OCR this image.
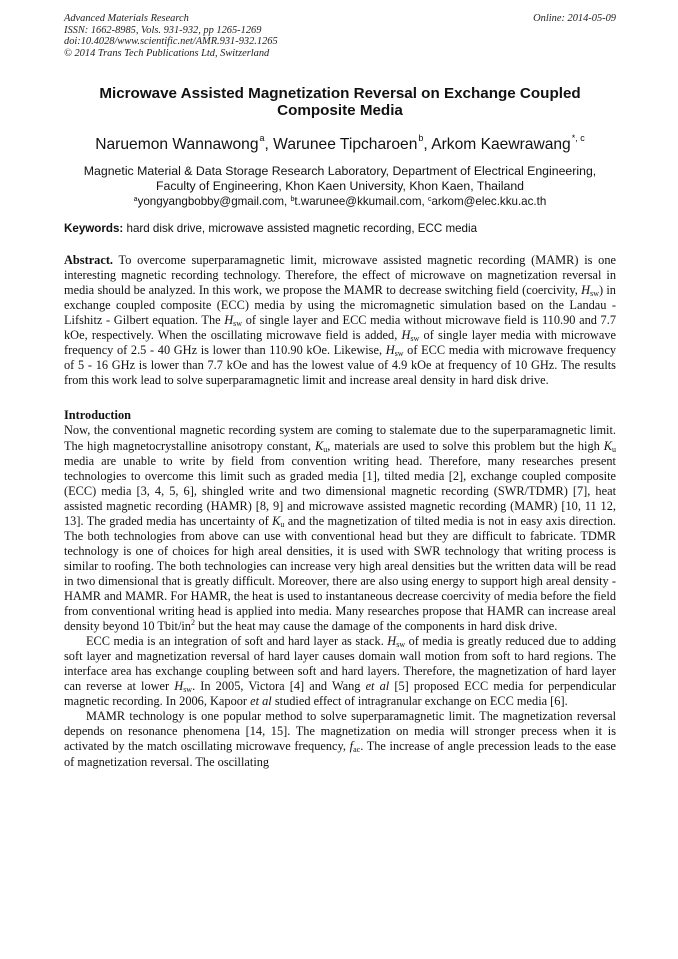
Advanced Materials Research
ISSN: 1662-8985, Vols. 931-932, pp 1265-1269
doi:10.4028/www.scientific.net/AMR.931-932.1265
© 2014 Trans Tech Publications Ltd, Switzerland
Online: 2014-05-09
Microwave Assisted Magnetization Reversal on Exchange Coupled
Composite Media
Naruemon Wannawong$^a$, Warunee Tipcharoen$^b$, Arkom Kaewrawang$^{*, c}$
Magnetic Material & Data Storage Research Laboratory, Department of Electrical Engineering,
Faculty of Engineering, Khon Kaen University, Khon Kaen, Thailand
$^a$yongyangbobby@gmail.com, $^b$t.warunee@kkumail.com, $^c$arkom@elec.kku.ac.th
Keywords: hard disk drive, microwave assisted magnetic recording, ECC media

Abstract. To overcome superparamagnetic limit, microwave assisted magnetic recording (MAMR) is one interesting magnetic recording technology. Therefore, the effect of microwave on magnetization reversal in media should be analyzed. In this work, we propose the MAMR to decrease switching field (coercivity, $H_{sw}$) in exchange coupled composite (ECC) media by using the micromagnetic simulation based on the Landau - Lifshitz - Gilbert equation. The $H_{sw}$ of single layer and ECC media without microwave field is 110.90 and 7.7 kOe, respectively. When the oscillating microwave field is added, $H_{sw}$ of single layer media with microwave frequency of 2.5 - 40 GHz is lower than 110.90 kOe. Likewise, $H_{sw}$ of ECC media with microwave frequency of 5 - 16 GHz is lower than 7.7 kOe and has the lowest value of 4.9 kOe at frequency of 10 GHz. The results from this work lead to solve superparamagnetic limit and increase areal density in hard disk drive.

Introduction

Now, the conventional magnetic recording system are coming to stalemate due to the superparamagnetic limit. The high magnetocrystalline anisotropy constant, $K_u$, materials are used to solve this problem but the high $K_u$ media are unable to write by field from convention writing head. Therefore, many researches present technologies to overcome this limit such as graded media [1], tilted media [2], exchange coupled composite (ECC) media [3, 4, 5, 6], shingled write and two dimensional magnetic recording (SWR/TDMR) [7], heat assisted magnetic recording (HAMR) [8, 9] and microwave assisted magnetic recording (MAMR) [10, 11 12, 13]. The graded media has uncertainty of $K_u$ and the magnetization of tilted media is not in easy axis direction. The both technologies from above can use with conventional head but they are difficult to fabricate. TDMR technology is one of choices for high areal densities, it is used with SWR technology that writing process is similar to roofing. The both technologies can increase very high areal densities but the written data will be read in two dimensional that is greatly difficult. Moreover, there are also using energy to support high areal density - HAMR and MAMR. For HAMR, the heat is used to instantaneous decrease coercivity of media before the field from conventional writing head is applied into media. Many researches propose that HAMR can increase areal density beyond 10 Tbit/$in^2$ but the heat may cause the damage of the components in hard disk drive.

ECC media is an integration of soft and hard layer as stack. $H_{sw}$ of media is greatly reduced due to adding soft layer and magnetization reversal of hard layer causes domain wall motion from soft to hard regions. The interface area has exchange coupling between soft and hard layers. Therefore, the magnetization of hard layer can reverse at lower $H_{sw}$. In 2005, Victora [4] and Wang et al [5] proposed ECC media for perpendicular magnetic recording. In 2006, Kapoor et al studied effect of intragranular exchange on ECC media [6].

MAMR technology is one popular method to solve superparamagnetic limit. The magnetization reversal depends on resonance phenomena [14, 15]. The magnetization on media will stronger precess when it is activated by the match oscillating microwave frequency, $f_{ac}$. The increase of angle precession leads to the ease of magnetization reversal. The oscillating
